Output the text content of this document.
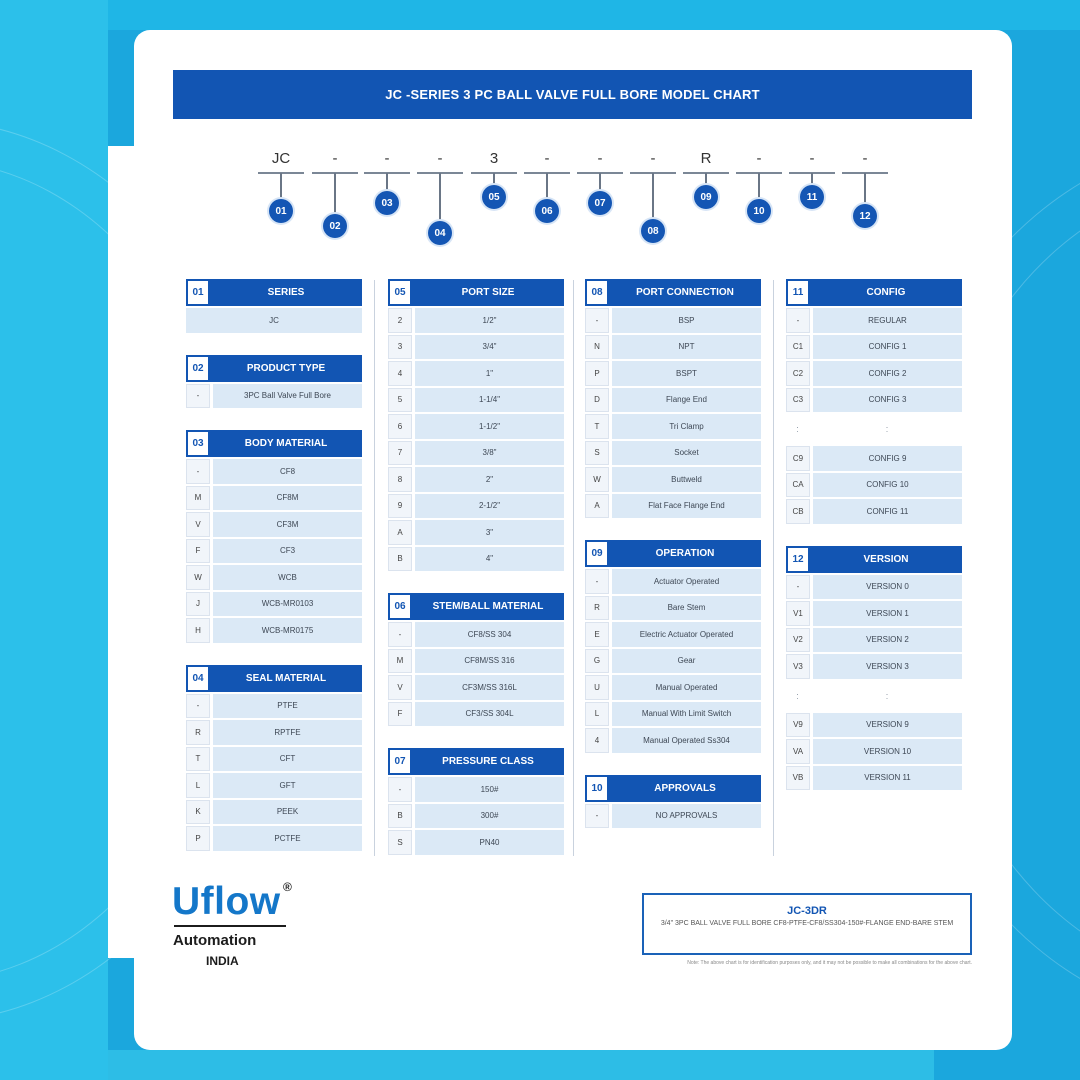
JC -SERIES 3 PC BALL VALVE FULL BORE MODEL CHART
JC
01
-
02
-
03
-
04
3
05
-
06
-
07
-
08
R
09
-
10
-
11
-
12
01	SERIES
JC
02	PRODUCT TYPE
-	3PC Ball Valve Full Bore
03	BODY MATERIAL
-	CF8
M	CF8M
V	CF3M
F	CF3
W	WCB
J	WCB-MR0103
H	WCB-MR0175
04	SEAL MATERIAL
-	PTFE
R	RPTFE
T	CFT
L	GFT
K	PEEK
P	PCTFE
05	PORT SIZE
2	1/2"
3	3/4"
4	1"
5	1-1/4"
6	1-1/2"
7	3/8"
8	2"
9	2-1/2"
A	3"
B	4"
06	STEM/BALL MATERIAL
-	CF8/SS 304
M	CF8M/SS 316
V	CF3M/SS 316L
F	CF3/SS 304L
07	PRESSURE CLASS
-	150#
B	300#
S	PN40
08	PORT CONNECTION
-	BSP
N	NPT
P	BSPT
D	Flange End
T	Tri Clamp
S	Socket
W	Buttweld
A	Flat Face Flange End
09	OPERATION
-	Actuator Operated
R	Bare Stem
E	Electric Actuator Operated
G	Gear
U	Manual Operated
L	Manual With Limit Switch
4	Manual Operated Ss304
10	APPROVALS
-	NO APPROVALS
11	CONFIG
-	REGULAR
C1	CONFIG 1
C2	CONFIG 2
C3	CONFIG 3
:	:
C9	CONFIG 9
CA	CONFIG 10
CB	CONFIG 11
12	VERSION
-	VERSION 0
V1	VERSION 1
V2	VERSION 2
V3	VERSION 3
:	:
V9	VERSION 9
VA	VERSION 10
VB	VERSION 11
Uflow ®
Automation
INDIA
JC-3DR
3/4" 3PC BALL VALVE FULL BORE CF8-PTFE-CF8/SS304-150#-FLANGE END-BARE STEM
Note: The above chart is for identification purposes only, and it may not be possible to make all combinations for the above chart.
